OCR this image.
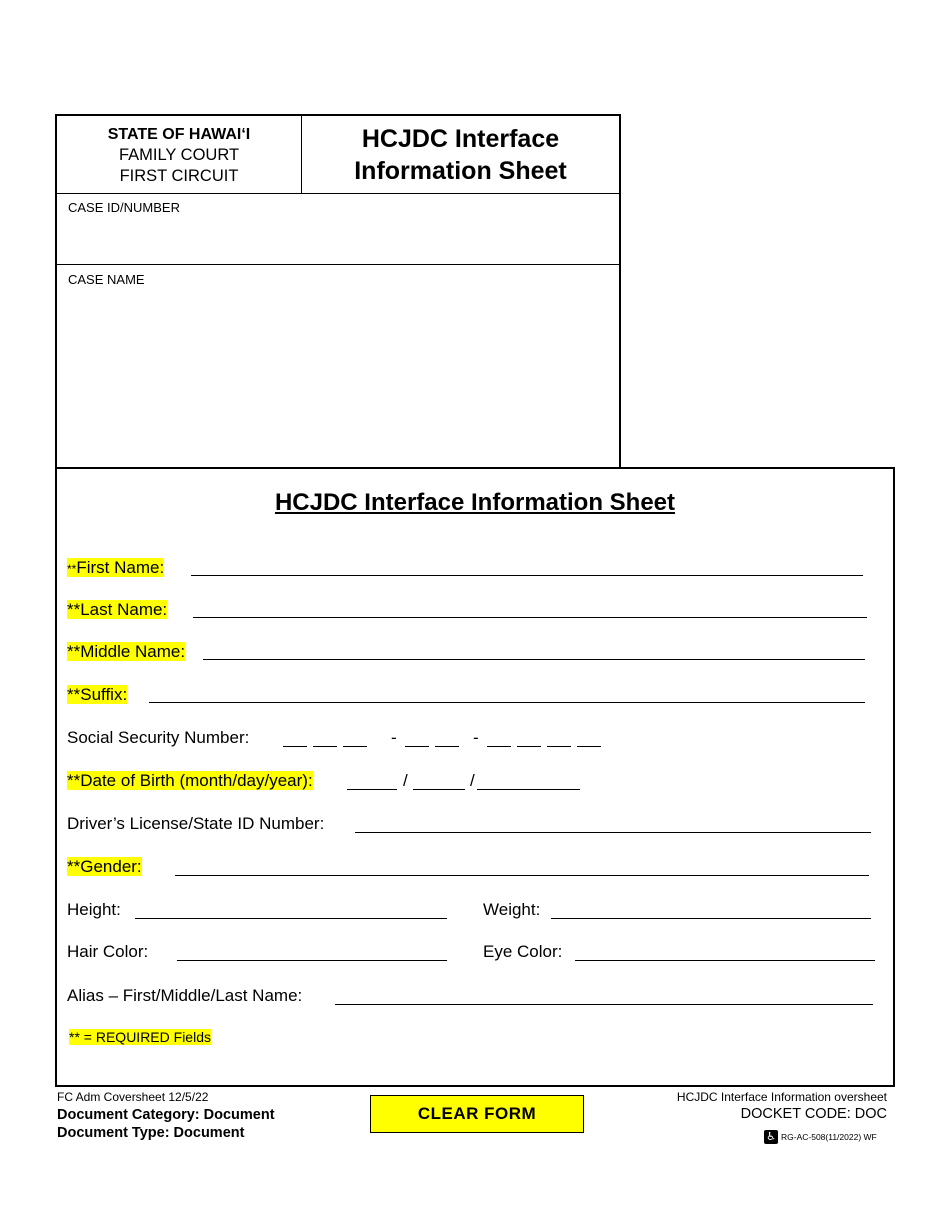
STATE OF HAWAI‘I
FAMILY COURT
FIRST CIRCUIT
HCJDC Interface
Information Sheet
CASE ID/NUMBER
CASE NAME
HCJDC Interface Information Sheet
**First Name:
**Last Name:
**Middle Name:
**Suffix:
Social Security Number:	-	-
**Date of Birth (month/day/year):	/	/
Driver’s License/State ID Number:
**Gender:
Height:	Weight:
Hair Color:	Eye Color:
Alias – First/Middle/Last Name:
** = REQUIRED Fields
FC Adm Coversheet 12/5/22
Document Category: Document
Document Type: Document
CLEAR FORM
HCJDC Interface Information oversheet
DOCKET CODE: DOC
♿ RG-AC-508(11/2022) WF
